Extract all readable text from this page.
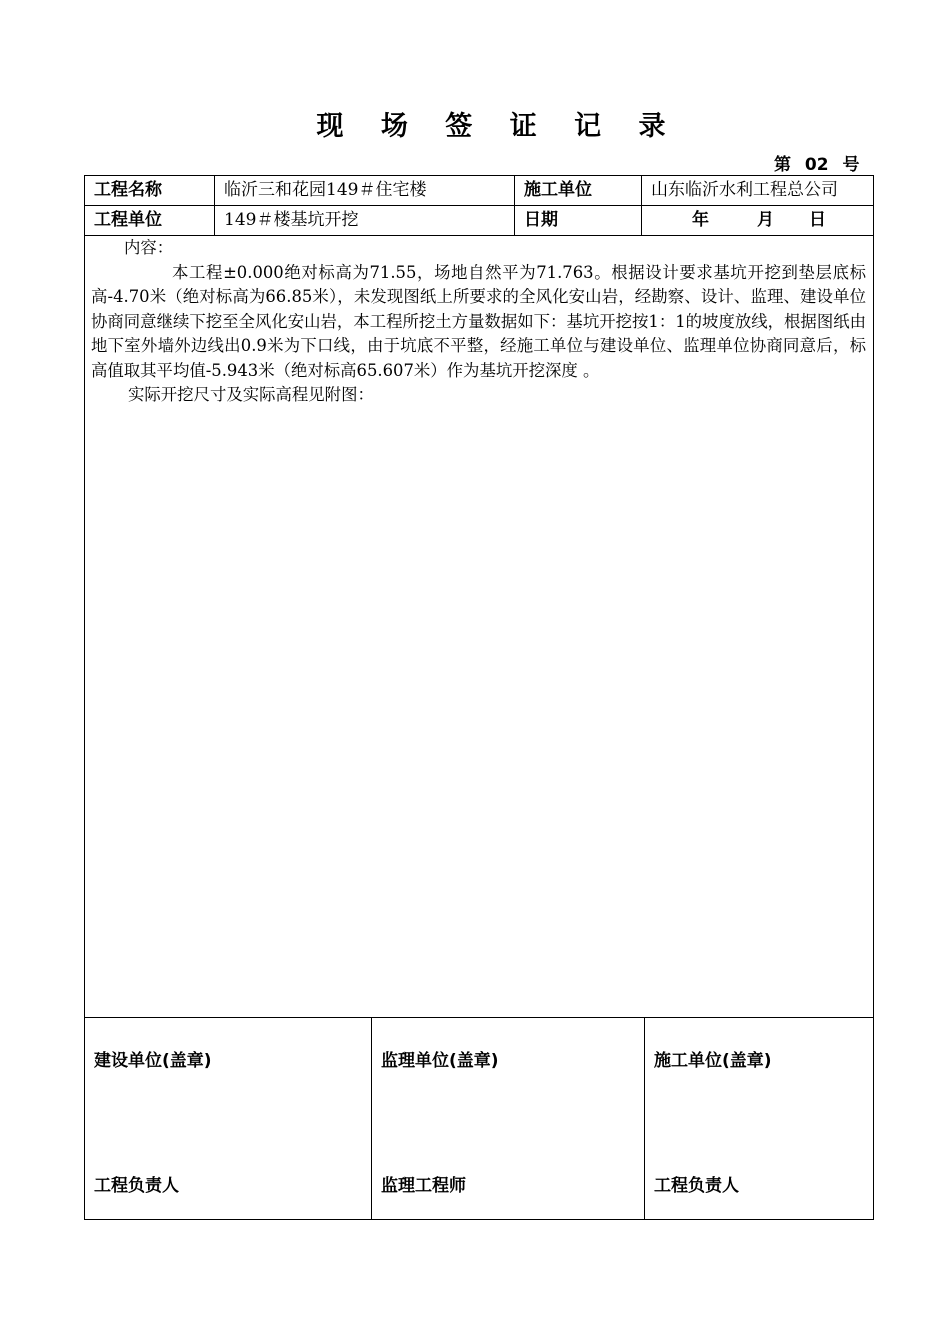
现 场 签 证 记 录
第 02 号
工程名称	临沂三和花园149＃住宅楼	施工单位	山东临沂水利工程总公司
工程单位	149＃楼基坑开挖	日期	年	月 日

内容：

本工程±0.000绝对标高为71.55，场地自然平为71.763。根据设计要求基坑开挖到垫层底标高-4.70米（绝对标高为66.85米），未发现图纸上所要求的全风化安山岩，经勘察、设计、监理、建设单位协商同意继续下挖至全风化安山岩，本工程所挖土方量数据如下：基坑开挖按1：1的坡度放线，根据图纸由地下室外墙外边线出0.9米为下口线，由于坑底不平整，经施工单位与建设单位、监理单位协商同意后，标高值取其平均值-5.943米（绝对标高65.607米）作为基坑开挖深度 。

实际开挖尺寸及实际高程见附图：

建设单位(盖章)
工程负责人
监理单位(盖章)
监理工程师
施工单位(盖章)
工程负责人
